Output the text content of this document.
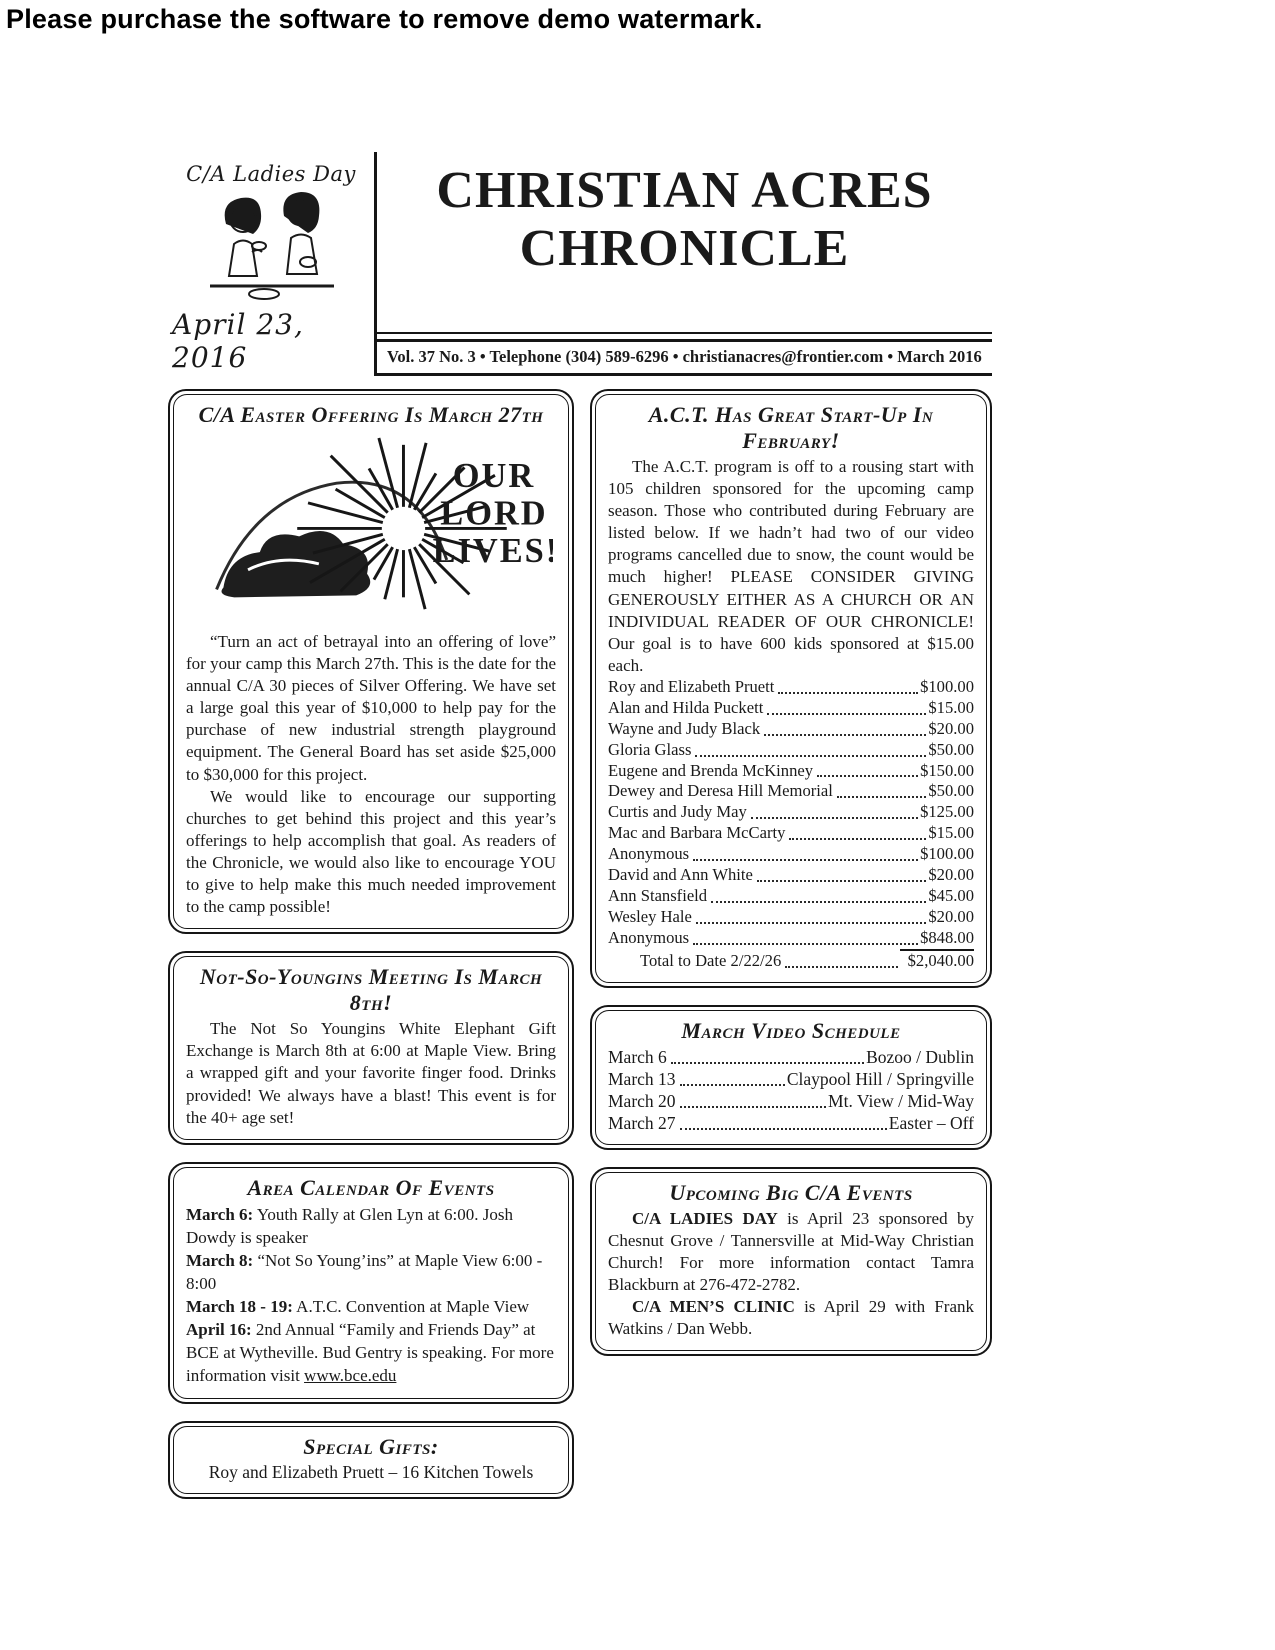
Please purchase the software to remove demo watermark.
C/A Ladies Day
April 23, 2016
CHRISTIAN ACRES
CHRONICLE
Vol. 37 No. 3 • Telephone (304) 589-6296 • christianacres@frontier.com • March 2016
C/A Easter Offering Is March 27th
OUR
LORD
LIVES!

“Turn an act of betrayal into an offering of love” for your camp this March 27th. This is the date for the annual C/A 30 pieces of Silver Offering. We have set a large goal this year of $10,000 to help pay for the purchase of new industrial strength playground equipment. The General Board has set aside $25,000 to $30,000 for this project.

We would like to encourage our supporting churches to get behind this project and this year’s offerings to help accomplish that goal. As readers of the Chronicle, we would also like to encourage YOU to give to help make this much needed improvement to the camp possible!

Not-So-Youngins Meeting Is March 8th!

The Not So Youngins White Elephant Gift Exchange is March 8th at 6:00 at Maple View. Bring a wrapped gift and your favorite finger food. Drinks provided! We always have a blast! This event is for the 40+ age set!

Area Calendar Of Events

March 6: Youth Rally at Glen Lyn at 6:00. Josh Dowdy is speaker

March 8: “Not So Young’ins” at Maple View 6:00 - 8:00

March 18 - 19: A.T.C. Convention at Maple View

April 16: 2nd Annual “Family and Friends Day” at BCE at Wytheville. Bud Gentry is speaking. For more information visit www.bce.edu

Special Gifts:

Roy and Elizabeth Pruett – 16 Kitchen Towels

A.C.T. Has Great Start-Up In February!

The A.C.T. program is off to a rousing start with 105 children sponsored for the upcoming camp season. Those who contributed during February are listed below. If we hadn’t had two of our video programs cancelled due to snow, the count would be much higher! PLEASE CONSIDER GIVING GENEROUSLY EITHER AS A CHURCH OR AN INDIVIDUAL READER OF OUR CHRONICLE! Our goal is to have 600 kids sponsored at $15.00 each.

Roy and Elizabeth Pruett	$100.00
Alan and Hilda Puckett	$15.00
Wayne and Judy Black	$20.00
Gloria Glass	$50.00
Eugene and Brenda McKinney	$150.00
Dewey and Deresa Hill Memorial	$50.00
Curtis and Judy May	$125.00
Mac and Barbara McCarty	$15.00
Anonymous	$100.00
David and Ann White	$20.00
Ann Stansfield	$45.00
Wesley Hale	$20.00
Anonymous	$848.00
Total to Date 2/22/26	$2,040.00
March Video Schedule
March 6	Bozoo / Dublin
March 13	Claypool Hill / Springville
March 20	Mt. View / Mid-Way
March 27	Easter – Off
Upcoming Big C/A Events

C/A LADIES DAY is April 23 sponsored by Chesnut Grove / Tannersville at Mid-Way Christian Church! For more information contact Tamra Blackburn at 276-472-2782.

C/A MEN’S CLINIC is April 29 with Frank Watkins / Dan Webb.
